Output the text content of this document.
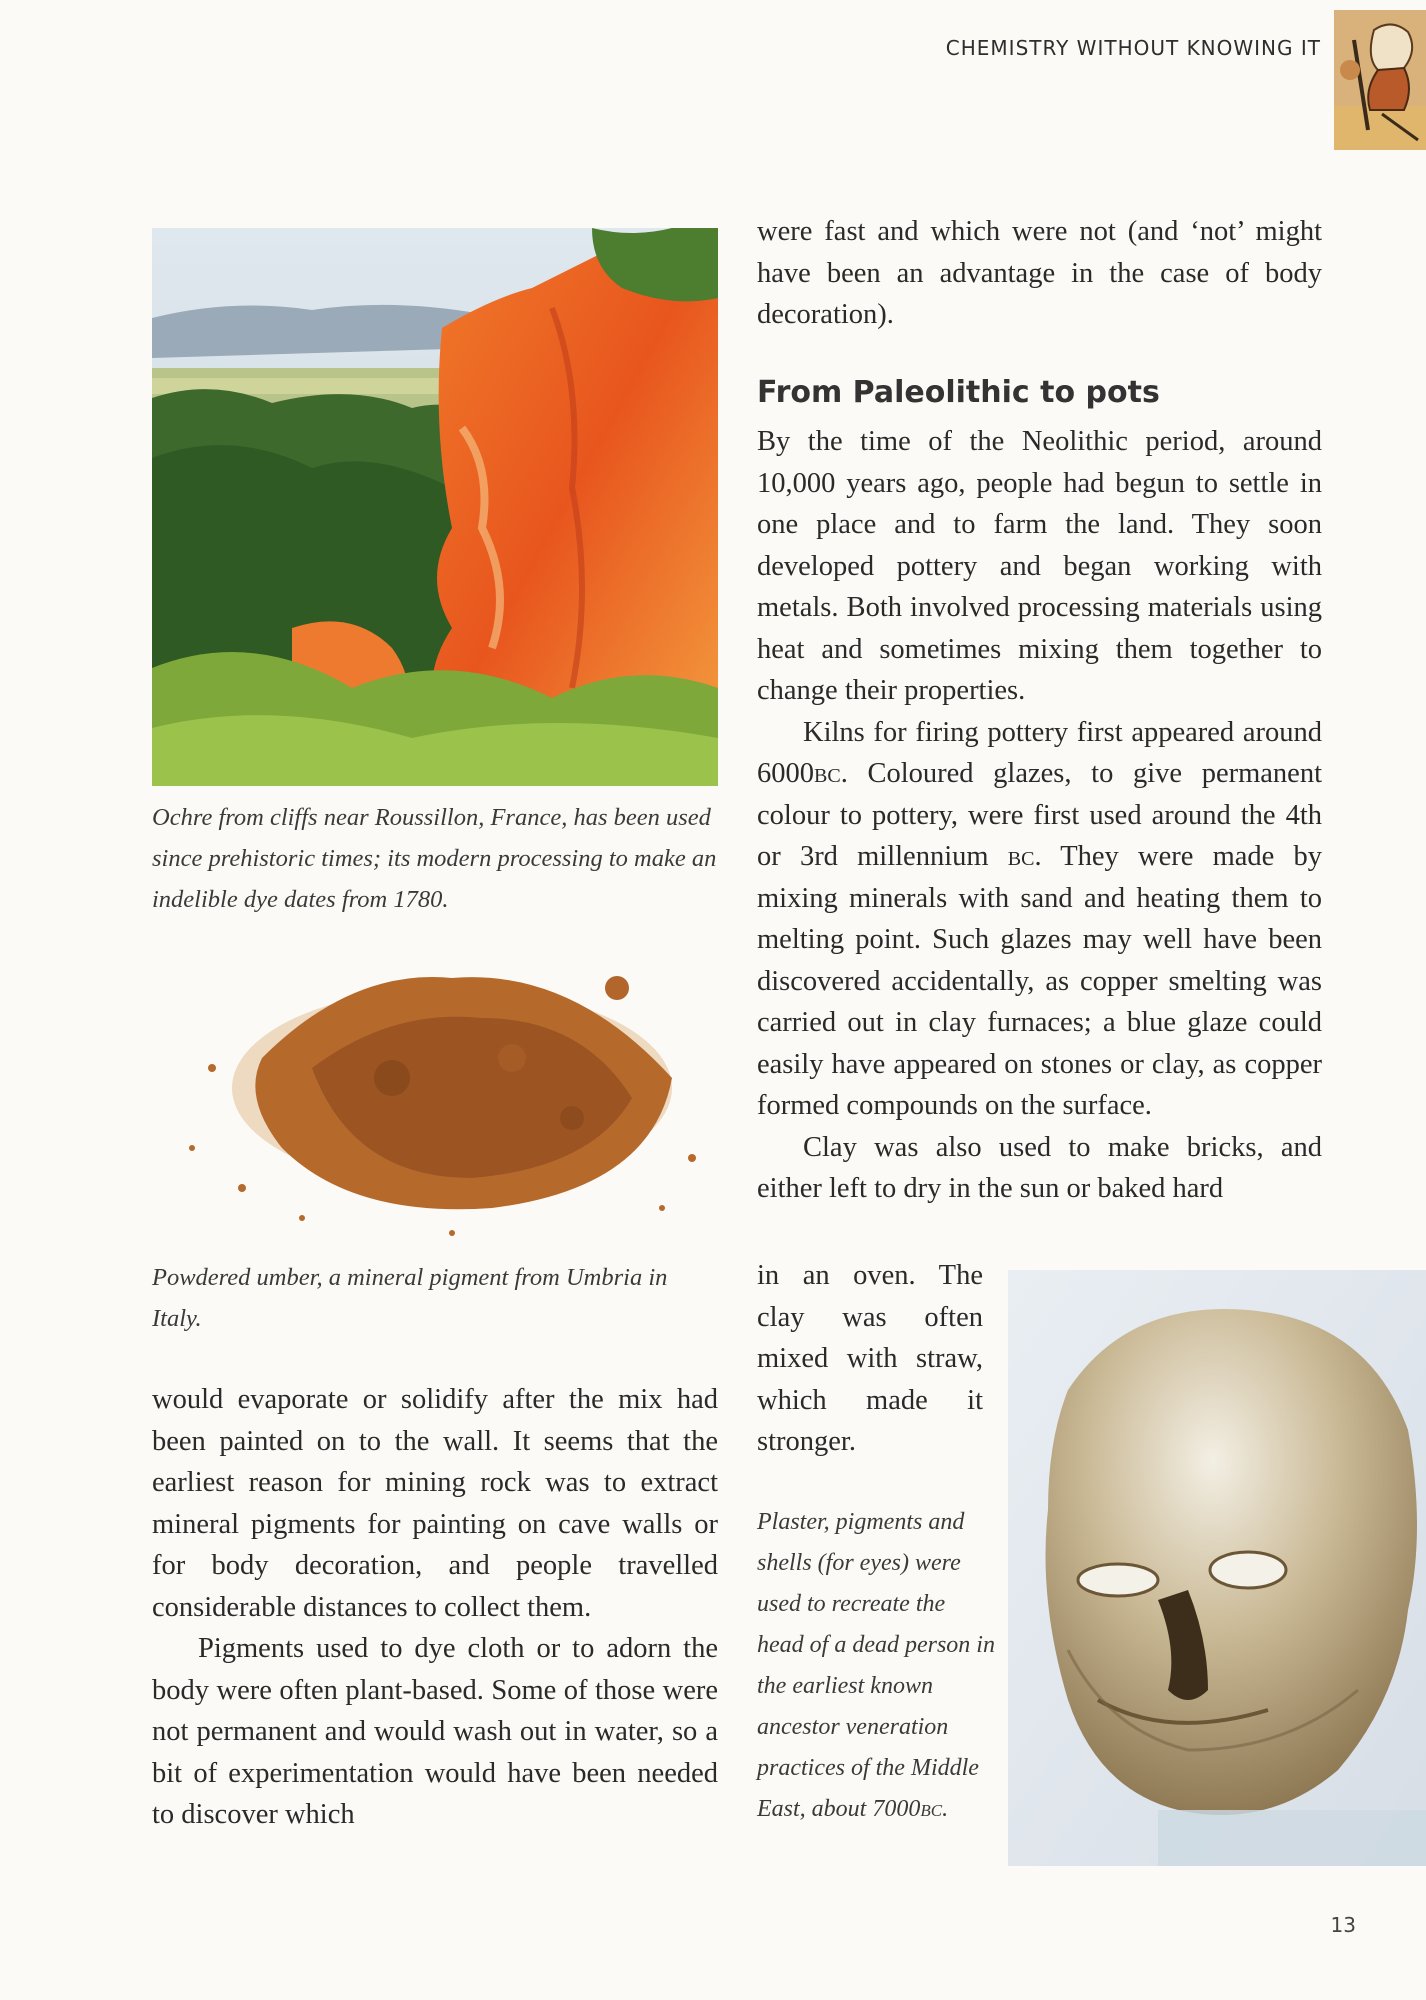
CHEMISTRY WITHOUT KNOWING IT

Ochre from cliffs near Roussillon, France, has been used since prehistoric times; its modern processing to make an indelible dye dates from 1780.

Powdered umber, a mineral pigment from Umbria in Italy.

would evaporate or solidify after the mix had been painted on to the wall. It seems that the earliest reason for mining rock was to extract mineral pigments for painting on cave walls or for body decoration, and people travelled considerable distances to collect them.

Pigments used to dye cloth or to adorn the body were often plant-based. Some of those were not permanent and would wash out in water, so a bit of experimentation would have been needed to discover which

were fast and which were not (and ‘not’ might have been an advantage in the case of body decoration).

From Paleolithic to pots

By the time of the Neolithic period, around 10,000 years ago, people had begun to settle in one place and to farm the land. They soon developed pottery and began working with metals. Both involved processing materials using heat and sometimes mixing them together to change their properties.

Kilns for firing pottery first appeared around 6000bc. Coloured glazes, to give permanent colour to pottery, were first used around the 4th or 3rd millennium bc. They were made by mixing minerals with sand and heating them to melting point. Such glazes may well have been discovered accidentally, as copper smelting was carried out in clay furnaces; a blue glaze could easily have appeared on stones or clay, as copper formed compounds on the surface.

Clay was also used to make bricks, and either left to dry in the sun or baked hard

in an oven. The clay was often mixed with straw, which made it stronger.

Plaster, pigments and shells (for eyes) were used to recreate the head of a dead person in the earliest known ancestor veneration practices of the Middle East, about 7000bc.

13
